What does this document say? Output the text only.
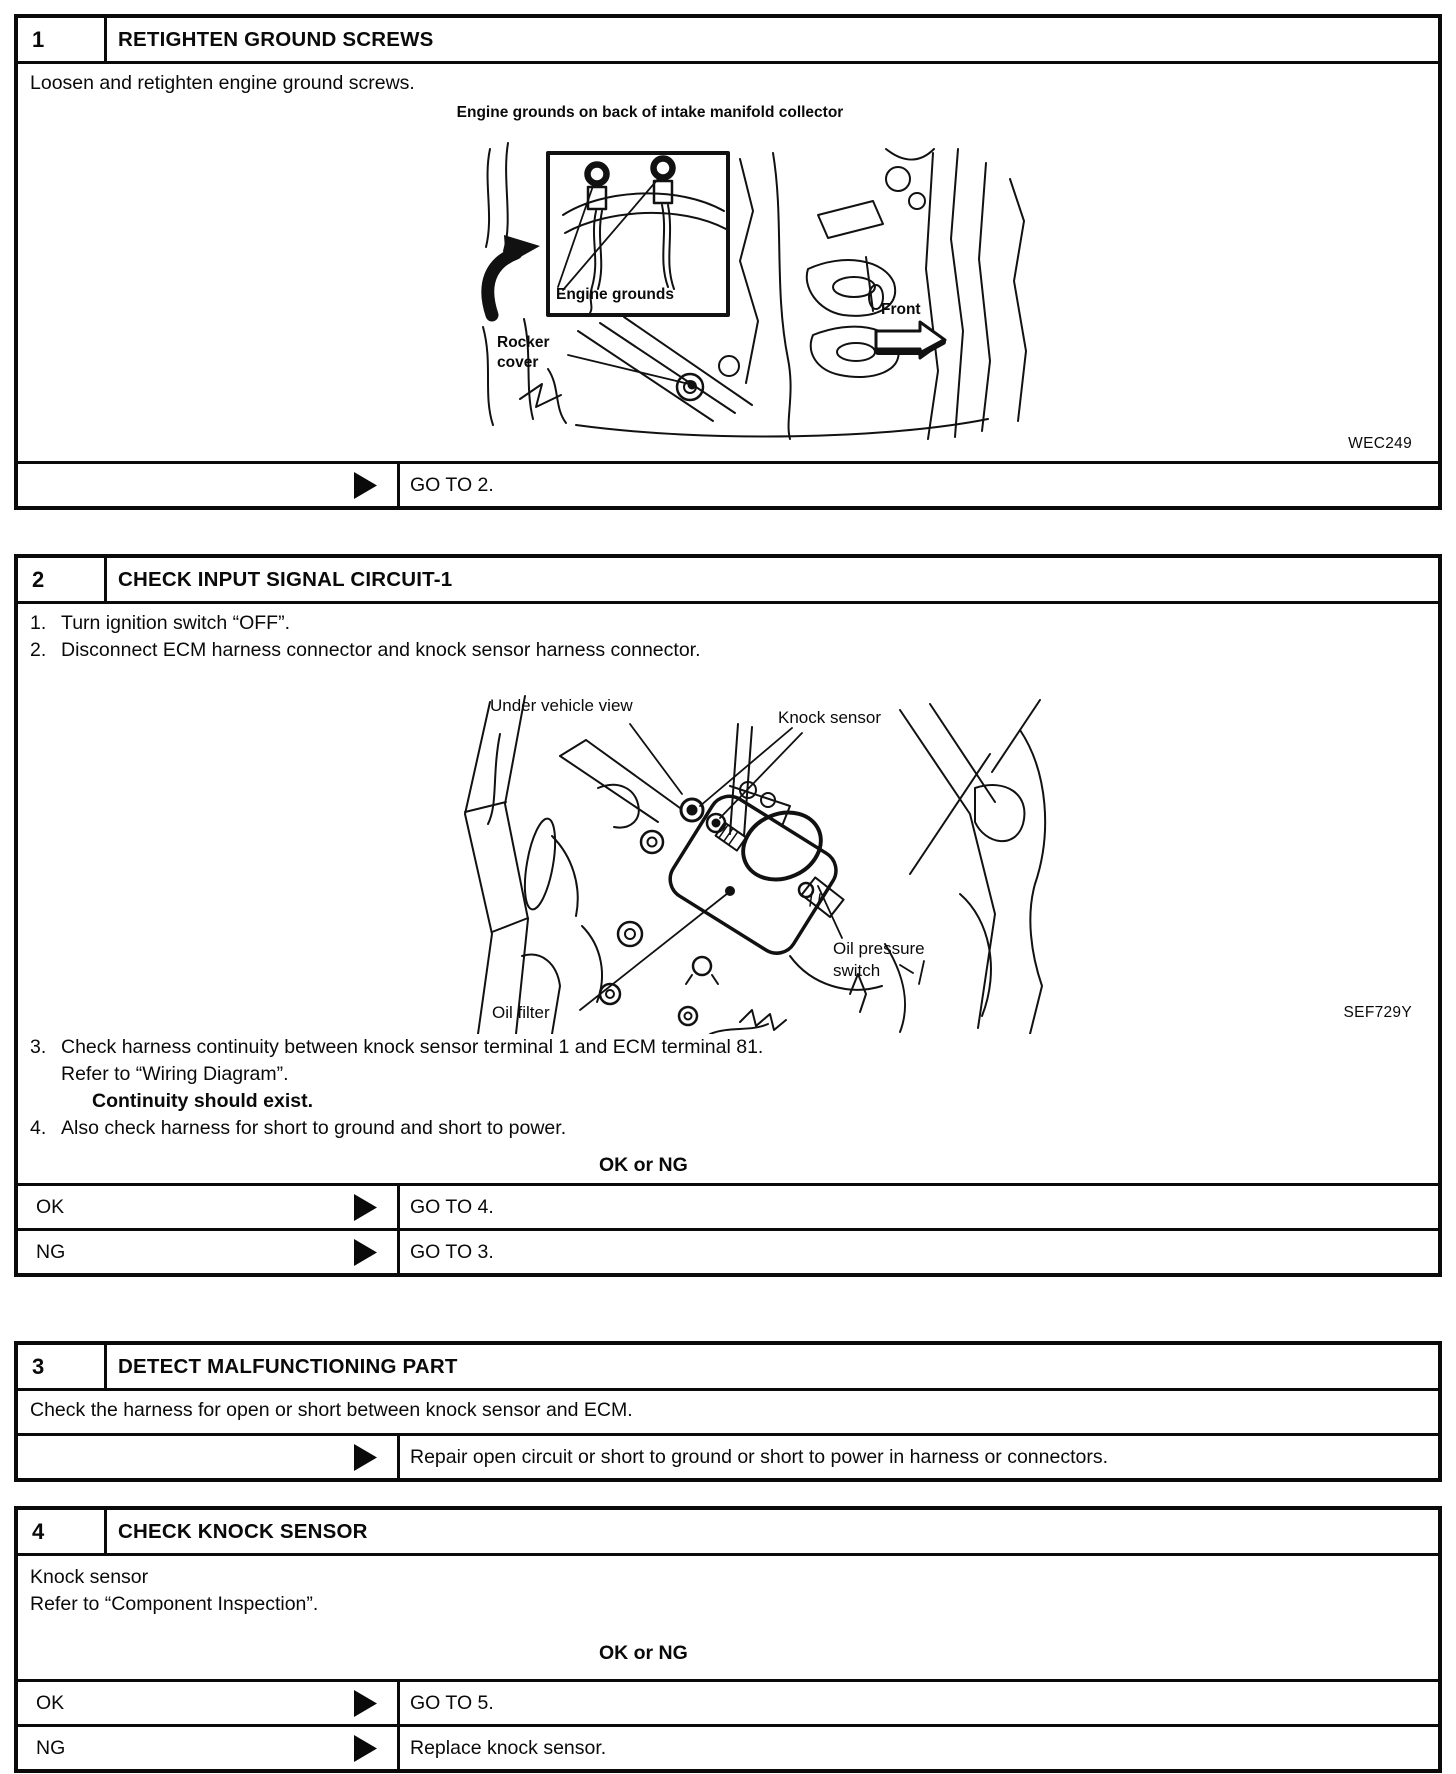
1	RETIGHTEN GROUND SCREWS
Loosen and retighten engine ground screws.
Engine grounds on back of intake manifold collector
Engine grounds
Rocker
cover
Front
WEC249
GO TO 2.
2	CHECK INPUT SIGNAL CIRCUIT-1
1. Turn ignition switch “OFF”.
2. Disconnect ECM harness connector and knock sensor harness connector.
Under vehicle view
Knock sensor
Oil filter
Oil pressure
switch
SEF729Y
3. Check harness continuity between knock sensor terminal 1 and ECM terminal 81.
Refer to “Wiring Diagram”.
Continuity should exist.
4. Also check harness for short to ground and short to power.
OK or NG
OK	GO TO 4.
NG	GO TO 3.
3	DETECT MALFUNCTIONING PART
Check the harness for open or short between knock sensor and ECM.
Repair open circuit or short to ground or short to power in harness or connectors.
4	CHECK KNOCK SENSOR
Knock sensor
Refer to “Component Inspection”.
OK or NG
OK	GO TO 5.
NG	Replace knock sensor.
